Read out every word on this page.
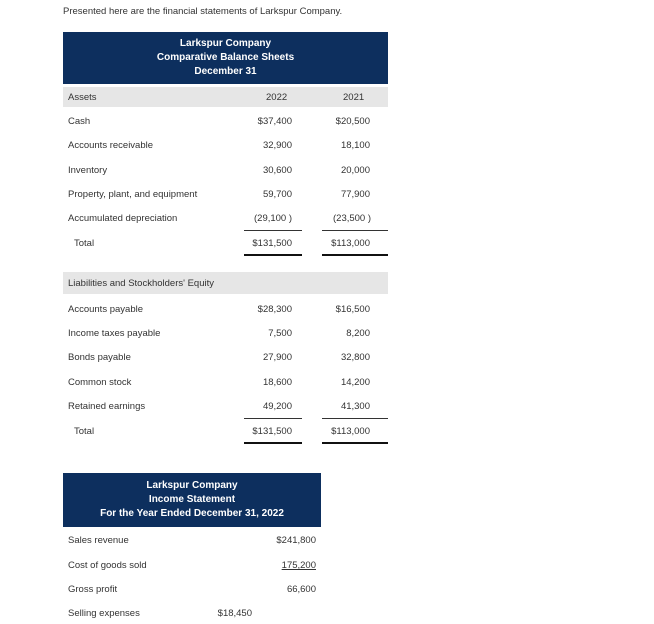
Presented here are the financial statements of Larkspur Company.
Larkspur Company
Comparative Balance Sheets
December 31
Assets	2022	2021
Cash	$37,400	$20,500
Accounts receivable	32,900	18,100
Inventory	30,600	20,000
Property, plant, and equipment	59,700	77,900
Accumulated depreciation	(29,100 )	(23,500 )
Total	$131,500	$113,000
Liabilities and Stockholders' Equity
Accounts payable	$28,300	$16,500
Income taxes payable	7,500	8,200
Bonds payable	27,900	32,800
Common stock	18,600	14,200
Retained earnings	49,200	41,300
Total	$131,500	$113,000
Larkspur Company
Income Statement
For the Year Ended December 31, 2022
Sales revenue	$241,800
Cost of goods sold	175,200
Gross profit	66,600
Selling expenses	$18,450
